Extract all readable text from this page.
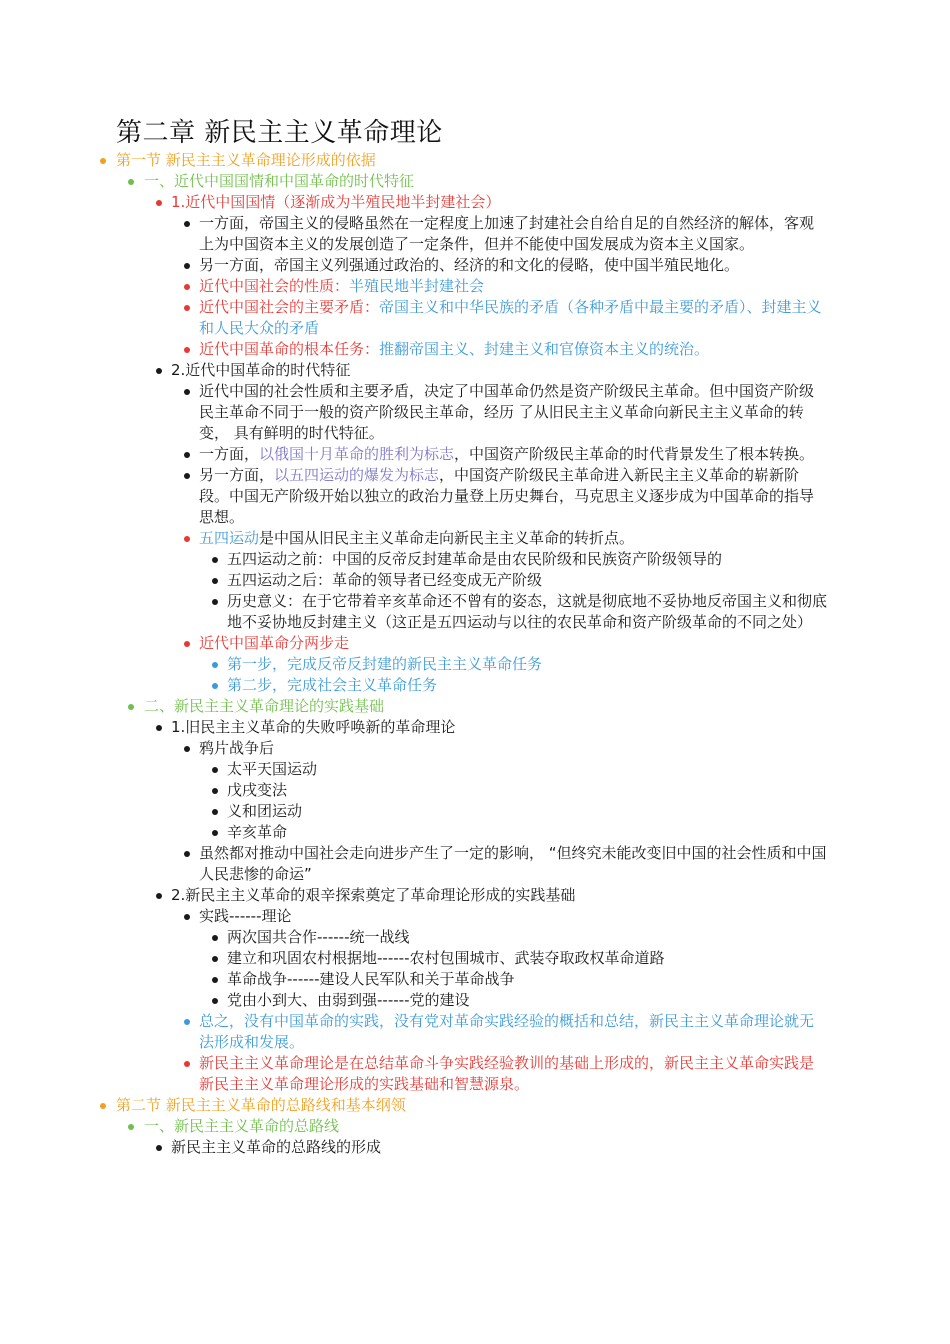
第二章 新民主主义革命理论
第一节 新民主主义革命理论形成的依据
一、近代中国国情和中国革命的时代特征
1.近代中国国情（逐渐成为半殖民地半封建社会）
一方面，帝国主义的侵略虽然在一定程度上加速了封建社会自给自足的自然经济的解体，客观上为中国资本主义的发展创造了一定条件，但并不能使中国发展成为资本主义国家。
另一方面，帝国主义列强通过政治的、经济的和文化的侵略，使中国半殖民地化。
近代中国社会的性质：半殖民地半封建社会
近代中国社会的主要矛盾：帝国主义和中华民族的矛盾（各种矛盾中最主要的矛盾）、封建主义和人民大众的矛盾
近代中国革命的根本任务：推翻帝国主义、封建主义和官僚资本主义的统治。
2.近代中国革命的时代特征
近代中国的社会性质和主要矛盾，决定了中国革命仍然是资产阶级民主革命。但中国资产阶级民主革命不同于一般的资产阶级民主革命，经历 了从旧民主主义革命向新民主主义革命的转变， 具有鲜明的时代特征。
一方面，以俄国十月革命的胜利为标志，中国资产阶级民主革命的时代背景发生了根本转换。
另一方面，以五四运动的爆发为标志，中国资产阶级民主革命进入新民主主义革命的崭新阶段。中国无产阶级开始以独立的政治力量登上历史舞台，马克思主义逐步成为中国革命的指导思想。
五四运动是中国从旧民主主义革命走向新民主主义革命的转折点。
五四运动之前：中国的反帝反封建革命是由农民阶级和民族资产阶级领导的
五四运动之后：革命的领导者已经变成无产阶级
历史意义：在于它带着辛亥革命还不曾有的姿态，这就是彻底地不妥协地反帝国主义和彻底地不妥协地反封建主义（这正是五四运动与以往的农民革命和资产阶级革命的不同之处）
近代中国革命分两步走
第一步，完成反帝反封建的新民主主义革命任务
第二步，完成社会主义革命任务
二、新民主主义革命理论的实践基础
1.旧民主主义革命的失败呼唤新的革命理论
鸦片战争后
太平天国运动
戊戌变法
义和团运动
辛亥革命
虽然都对推动中国社会走向进步产生了一定的影响， “但终究未能改变旧中国的社会性质和中国人民悲惨的命运”
2.新民主主义革命的艰辛探索奠定了革命理论形成的实践基础
实践------理论
两次国共合作------统一战线
建立和巩固农村根据地------农村包围城市、武装夺取政权革命道路
革命战争------建设人民军队和关于革命战争
党由小到大、由弱到强------党的建设
总之，没有中国革命的实践，没有党对革命实践经验的概括和总结，新民主主义革命理论就无法形成和发展。
新民主主义革命理论是在总结革命斗争实践经验教训的基础上形成的，新民主主义革命实践是新民主主义革命理论形成的实践基础和智慧源泉。
第二节 新民主主义革命的总路线和基本纲领
一、新民主主义革命的总路线
新民主主义革命的总路线的形成
